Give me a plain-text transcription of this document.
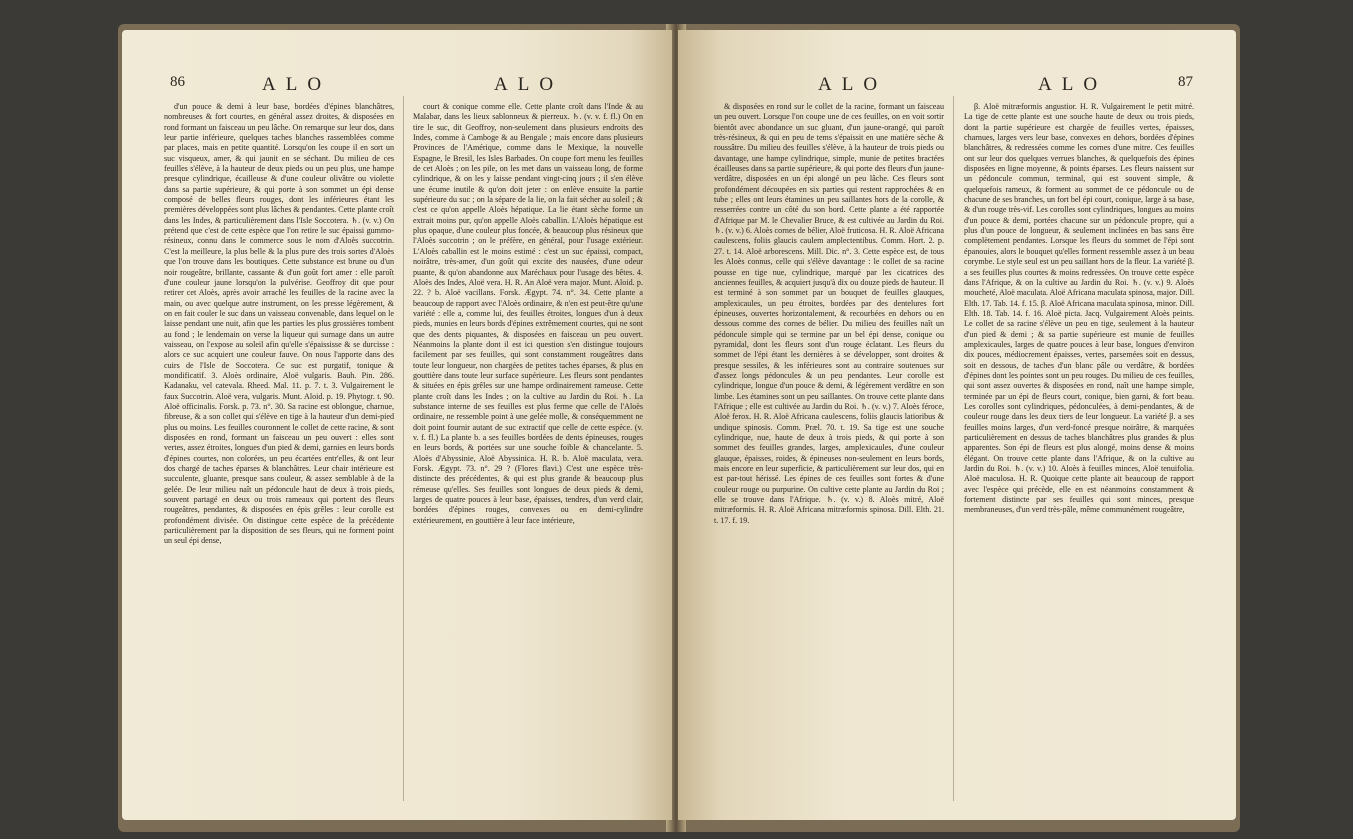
86	ALO	ALO

d'un pouce & demi à leur base, bordées d'épines blanchâtres, nombreuses & fort courtes, en général assez droites, & disposées en rond formant un faisceau un peu lâche. On remarque sur leur dos, dans leur partie inférieure, quelques taches blanches rassemblées comme par places, mais en petite quantité. Lorsqu'on les coupe il en sort un suc visqueux, amer, & qui jaunit en se séchant. Du milieu de ces feuilles s'élève, à la hauteur de deux pieds ou un peu plus, une hampe presque cylindrique, écailleuse & d'une couleur olivâtre ou violette dans sa partie supérieure, & qui porte à son sommet un épi dense composé de belles fleurs rouges, dont les inférieures étant les premières développées sont plus lâches & pendantes. Cette plante croît dans les Indes, & particulièrement dans l'Isle Soccotera. ♄. (v. v.) On prétend que c'est de cette espèce que l'on retire le suc épaissi gummo-résineux, connu dans le commerce sous le nom d'Aloès succotrin. C'est la meilleure, la plus belle & la plus pure des trois sortes d'Aloès que l'on trouve dans les boutiques. Cette substance est brune ou d'un noir rougeâtre, brillante, cassante & d'un goût fort amer : elle paroît d'une couleur jaune lorsqu'on la pulvérise. Geoffroy dit que pour retirer cet Aloès, après avoir arraché les feuilles de la racine avec la main, ou avec quelque autre instrument, on les presse légèrement, & on en fait couler le suc dans un vaisseau convenable, dans lequel on le laisse pendant une nuit, afin que les parties les plus grossières tombent au fond ; le lendemain on verse la liqueur qui surnage dans un autre vaisseau, on l'expose au soleil afin qu'elle s'épaississe & se durcisse : alors ce suc acquiert une couleur fauve. On nous l'apporte dans des cuirs de l'Isle de Soccotera. Ce suc est purgatif, tonique & mondificatif. 3. Aloès ordinaire, Aloë vulgaris. Bauh. Pin. 286. Kadanaku, vel catevala. Rheed. Mal. 11. p. 7. t. 3. Vulgairement le faux Succotrin. Aloë vera, vulgaris. Munt. Aloid. p. 19. Phytogr. t. 90. Aloë officinalis. Forsk. p. 73. n°. 30. Sa racine est oblongue, charnue, fibreuse, & a son collet qui s'élève en tige à la hauteur d'un demi-pied plus ou moins. Les feuilles couronnent le collet de cette racine, & sont disposées en rond, formant un faisceau un peu ouvert : elles sont vertes, assez étroites, longues d'un pied & demi, garnies en leurs bords d'épines courtes, non colorées, un peu écartées entr'elles, & ont leur dos chargé de taches éparses & blanchâtres. Leur chair intérieure est succulente, gluante, presque sans couleur, & assez semblable à de la gelée. De leur milieu naît un pédoncule haut de deux à trois pieds, souvent partagé en deux ou trois rameaux qui portent des fleurs rougeâtres, pendantes, & disposées en épis grêles : leur corolle est profondément divisée. On distingue cette espèce de la précédente particulièrement par la disposition de ses fleurs, qui ne forment point un seul épi dense,

court & conique comme elle. Cette plante croît dans l'Inde & au Malabar, dans les lieux sablonneux & pierreux. ♄. (v. v. f. fl.) On en tire le suc, dit Geoffroy, non-seulement dans plusieurs endroits des Indes, comme à Camboge & au Bengale ; mais encore dans plusieurs Provinces de l'Amérique, comme dans le Mexique, la nouvelle Espagne, le Bresil, les Isles Barbades. On coupe fort menu les feuilles de cet Aloès ; on les pile, on les met dans un vaisseau long, de forme cylindrique, & on les y laisse pendant vingt-cinq jours ; il s'en élève une écume inutile & qu'on doit jeter : on enlève ensuite la partie supérieure du suc ; on la sépare de la lie, on la fait sécher au soleil ; & c'est ce qu'on appelle Aloès hépatique. La lie étant sèche forme un extrait moins pur, qu'on appelle Aloès caballin. L'Aloès hépatique est plus opaque, d'une couleur plus foncée, & beaucoup plus résineux que l'Aloès succotrin ; on le préfère, en général, pour l'usage extérieur. L'Aloès caballin est le moins estimé : c'est un suc épaissi, compact, noirâtre, très-amer, d'un goût qui excite des nausées, d'une odeur puante, & qu'on abandonne aux Maréchaux pour l'usage des bêtes. 4. Aloès des Indes, Aloë vera. H. R. An Aloë vera major. Munt. Aloid. p. 22. ? b. Aloë vacillans. Forsk. Ægypt. 74. n°. 34. Cette plante a beaucoup de rapport avec l'Aloès ordinaire, & n'en est peut-être qu'une variété : elle a, comme lui, des feuilles étroites, longues d'un à deux pieds, munies en leurs bords d'épines extrêmement courtes, qui ne sont que des dents piquantes, & disposées en faisceau un peu ouvert. Néanmoins la plante dont il est ici question s'en distingue toujours facilement par ses feuilles, qui sont constamment rougeâtres dans toute leur longueur, non chargées de petites taches éparses, & plus en gouttière dans toute leur surface supérieure. Les fleurs sont pendantes & situées en épis grêles sur une hampe ordinairement rameuse. Cette plante croît dans les Indes ; on la cultive au Jardin du Roi. ♄. La substance interne de ses feuilles est plus ferme que celle de l'Aloès ordinaire, ne ressemble point à une gelée molle, & conséquemment ne doit point fournir autant de suc extractif que celle de cette espèce. (v. v. f. fl.) La plante b. a ses feuilles bordées de dents épineuses, rouges en leurs bords, & portées sur une souche foible & chancelante. 5. Aloès d'Abyssinie, Aloë Abyssinica. H. R. b. Aloë maculata, vera. Forsk. Ægypt. 73. n°. 29 ? (Flores flavi.) C'est une espèce très-distincte des précédentes, & qui est plus grande & beaucoup plus rémeuse qu'elles. Ses feuilles sont longues de deux pieds & demi, larges de quatre pouces à leur base, épaisses, tendres, d'un verd clair, bordées d'épines rouges, convexes ou en demi-cylindre extérieurement, en gouttière à leur face intérieure,

ALO	ALO	87

& disposées en rond sur le collet de la racine, formant un faisceau un peu ouvert. Lorsque l'on coupe une de ces feuilles, on en voit sortir bientôt avec abondance un suc gluant, d'un jaune-orangé, qui paroît très-résineux, & qui en peu de tems s'épaissit en une matière sèche & roussâtre. Du milieu des feuilles s'élève, à la hauteur de trois pieds ou davantage, une hampe cylindrique, simple, munie de petites bractées écailleuses dans sa partie supérieure, & qui porte des fleurs d'un jaune-verdâtre, disposées en un épi alongé un peu lâche. Ces fleurs sont profondément découpées en six parties qui restent rapprochées & en tube ; elles ont leurs étamines un peu saillantes hors de la corolle, & resserrées contre un côté du son bord. Cette plante a été rapportée d'Afrique par M. le Chevalier Bruce, & est cultivée au Jardin du Roi. ♄. (v. v.) 6. Aloès cornes de bélier, Aloë fruticosa. H. R. Aloë Africana caulescens, foliis glaucis caulem amplectentibus. Comm. Hort. 2. p. 27. t. 14. Aloë arborescens. Mill. Dic. n°. 3. Cette espèce est, de tous les Aloès connus, celle qui s'élève davantage : le collet de sa racine pousse en tige nue, cylindrique, marqué par les cicatrices des anciennes feuilles, & acquiert jusqu'à dix ou douze pieds de hauteur. Il est terminé à son sommet par un bouquet de feuilles glauques, amplexicaules, un peu étroites, bordées par des dentelures fort épineuses, ouvertes horizontalement, & recourbées en dehors ou en dessous comme des cornes de bélier. Du milieu des feuilles naît un pédoncule simple qui se termine par un bel épi dense, conique ou pyramidal, dont les fleurs sont d'un rouge éclatant. Les fleurs du sommet de l'épi étant les dernières à se développer, sont droites & presque sessiles, & les inférieures sont au contraire soutenues sur d'assez longs pédoncules & un peu pendantes. Leur corolle est cylindrique, longue d'un pouce & demi, & légèrement verdâtre en son limbe. Les étamines sont un peu saillantes. On trouve cette plante dans l'Afrique ; elle est cultivée au Jardin du Roi. ♄. (v. v.) 7. Aloès féroce, Aloë ferox. H. R. Aloë Africana caulescens, foliis glaucis latioribus & undique spinosis. Comm. Præl. 70. t. 19. Sa tige est une souche cylindrique, nue, haute de deux à trois pieds, & qui porte à son sommet des feuilles grandes, larges, amplexicaules, d'une couleur glauque, épaisses, roides, & épineuses non-seulement en leurs bords, mais encore en leur superficie, & particulièrement sur leur dos, qui en est par-tout hérissé. Les épines de ces feuilles sont fortes & d'une couleur rouge ou purpurine. On cultive cette plante au Jardin du Roi ; elle se trouve dans l'Afrique. ♄. (v. v.) 8. Aloès mitré, Aloë mitræformis. H. R. Aloë Africana mitræformis spinosa. Dill. Elth. 21. t. 17. f. 19.

β. Aloë mitræformis angustior. H. R. Vulgairement le petit mitré. La tige de cette plante est une souche haute de deux ou trois pieds, dont la partie supérieure est chargée de feuilles vertes, épaisses, charnues, larges vers leur base, convexes en dehors, bordées d'épines blanchâtres, & redressées comme les cornes d'une mitre. Ces feuilles ont sur leur dos quelques verrues blanches, & quelquefois des épines disposées en ligne moyenne, & points éparses. Les fleurs naissent sur un pédoncule commun, terminal, qui est souvent simple, & quelquefois rameux, & forment au sommet de ce pédoncule ou de chacune de ses branches, un fort bel épi court, conique, large à sa base, & d'un rouge très-vif. Les corolles sont cylindriques, longues au moins d'un pouce & demi, portées chacune sur un pédoncule propre, qui a plus d'un pouce de longueur, & seulement inclinées en bas sans être complètement pendantes. Lorsque les fleurs du sommet de l'épi sont épanouies, alors le bouquet qu'elles forment ressemble assez à un beau corymbe. Le style seul est un peu saillant hors de la fleur. La variété β. a ses feuilles plus courtes & moins redressées. On trouve cette espèce dans l'Afrique, & on la cultive au Jardin du Roi. ♄. (v. v.) 9. Aloès moucheté, Aloë maculata. Aloë Africana maculata spinosa, major. Dill. Elth. 17. Tab. 14. f. 15. β. Aloë Africana maculata spinosa, minor. Dill. Elth. 18. Tab. 14. f. 16. Aloë picta. Jacq. Vulgairement Aloès peints. Le collet de sa racine s'élève un peu en tige, seulement à la hauteur d'un pied & demi ; & sa partie supérieure est munie de feuilles amplexicaules, larges de quatre pouces à leur base, longues d'environ dix pouces, médiocrement épaisses, vertes, parsemées soit en dessus, soit en dessous, de taches d'un blanc pâle ou verdâtre, & bordées d'épines dont les pointes sont un peu rouges. Du milieu de ces feuilles, qui sont assez ouvertes & disposées en rond, naît une hampe simple, terminée par un épi de fleurs court, conique, bien garni, & fort beau. Les corolles sont cylindriques, pédonculées, à demi-pendantes, & de couleur rouge dans les deux tiers de leur longueur. La variété β. a ses feuilles moins larges, d'un verd-foncé presque noirâtre, & marquées particulièrement en dessus de taches blanchâtres plus grandes & plus apparentes. Son épi de fleurs est plus alongé, moins dense & moins élégant. On trouve cette plante dans l'Afrique, & on la cultive au Jardin du Roi. ♄. (v. v.) 10. Aloès à feuilles minces, Aloë tenuifolia. Aloë maculosa. H. R. Quoique cette plante ait beaucoup de rapport avec l'espèce qui précède, elle en est néanmoins constamment & fortement distincte par ses feuilles qui sont minces, presque membraneuses, d'un verd très-pâle, même communément rougeâtre,
